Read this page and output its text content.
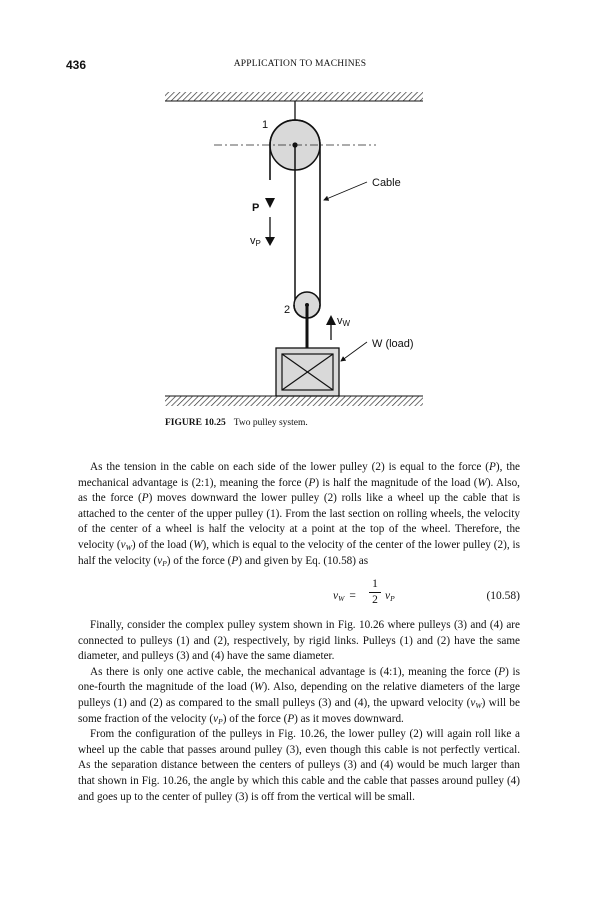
436	APPLICATION TO MACHINES
1
2
P
vP
vW
Cable
W (load)
FIGURE 10.25 Two pulley system.

As the tension in the cable on each side of the lower pulley (2) is equal to the force (P), the mechanical advantage is (2:1), meaning the force (P) is half the magnitude of the load (W). Also, as the force (P) moves downward the lower pulley (2) rolls like a wheel up the cable that is attached to the center of the upper pulley (1). From the last section on rolling wheels, the velocity of the center of a wheel is half the velocity at a point at the top of the wheel. Therefore, the velocity $(v_W)$ of the load (W), which is equal to the velocity of the center of the lower pulley (2), is half the velocity $(v_P)$ of the force (P) and given by Eq. (10.58) as

$v_W$ =
1
2 $v_P$	(10.58)

Finally, consider the complex pulley system shown in Fig. 10.26 where pulleys (3) and (4) are connected to pulleys (1) and (2), respectively, by rigid links. Pulleys (1) and (2) have the same diameter, and pulleys (3) and (4) have the same diameter.

As there is only one active cable, the mechanical advantage is (4:1), meaning the force (P) is one-fourth the magnitude of the load (W). Also, depending on the relative diameters of the large pulleys (1) and (2) as compared to the small pulleys (3) and (4), the upward velocity $(v_W)$ will be some fraction of the velocity $(v_P)$ of the force (P) as it moves downward.

From the configuration of the pulleys in Fig. 10.26, the lower pulley (2) will again roll like a wheel up the cable that passes around pulley (3), even though this cable is not perfectly vertical. As the separation distance between the centers of pulleys (3) and (4) would be much larger than that shown in Fig. 10.26, the angle by which this cable and the cable that passes around pulley (4) and goes up to the center of pulley (3) is off from the vertical will be small.
